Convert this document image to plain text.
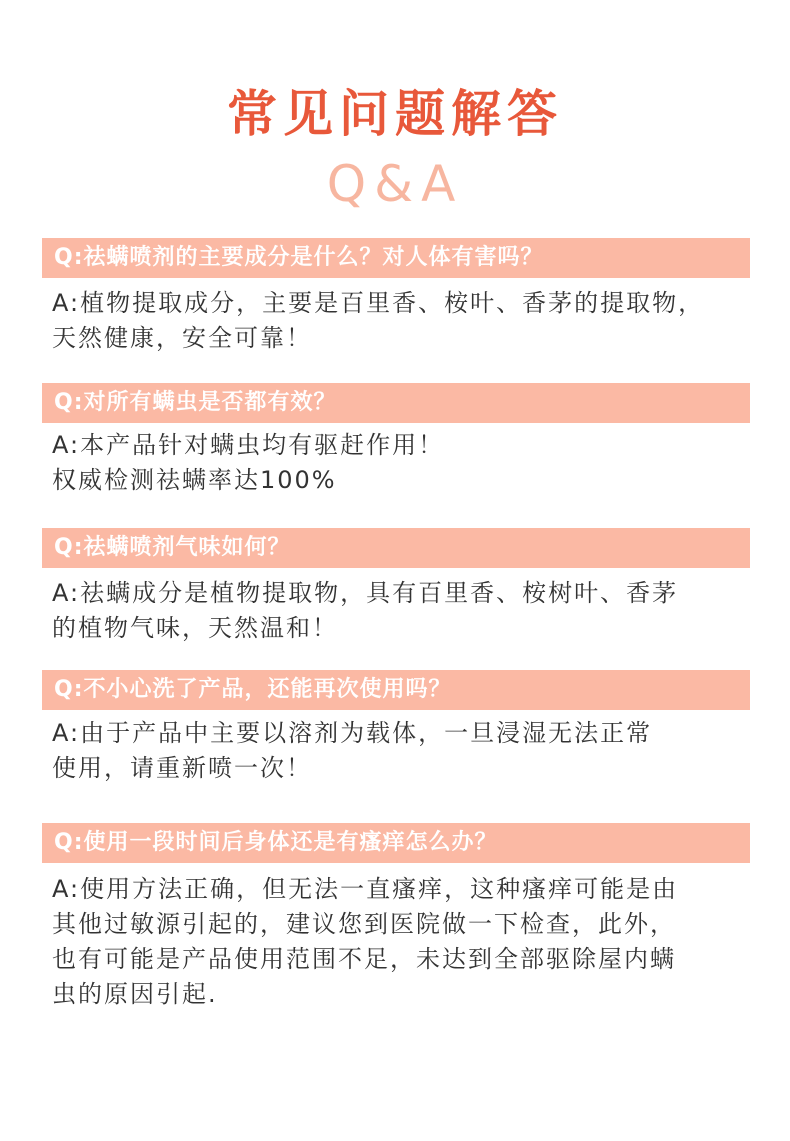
常见问题解答
Q&A
Q:祛螨喷剂的主要成分是什么？对人体有害吗？
A:植物提取成分，主要是百里香、桉叶、香茅的提取物，
天然健康，安全可靠！
Q:对所有螨虫是否都有效？
A:本产品针对螨虫均有驱赶作用！
权威检测祛螨率达100%
Q:祛螨喷剂气味如何？
A:祛螨成分是植物提取物，具有百里香、桉树叶、香茅
的植物气味，天然温和！
Q:不小心洗了产品，还能再次使用吗？
A:由于产品中主要以溶剂为载体，一旦浸湿无法正常
使用，请重新喷一次！
Q:使用一段时间后身体还是有瘙痒怎么办？
A:使用方法正确，但无法一直瘙痒，这种瘙痒可能是由
其他过敏源引起的，建议您到医院做一下检查，此外，
也有可能是产品使用范围不足，未达到全部驱除屋内螨
虫的原因引起.
